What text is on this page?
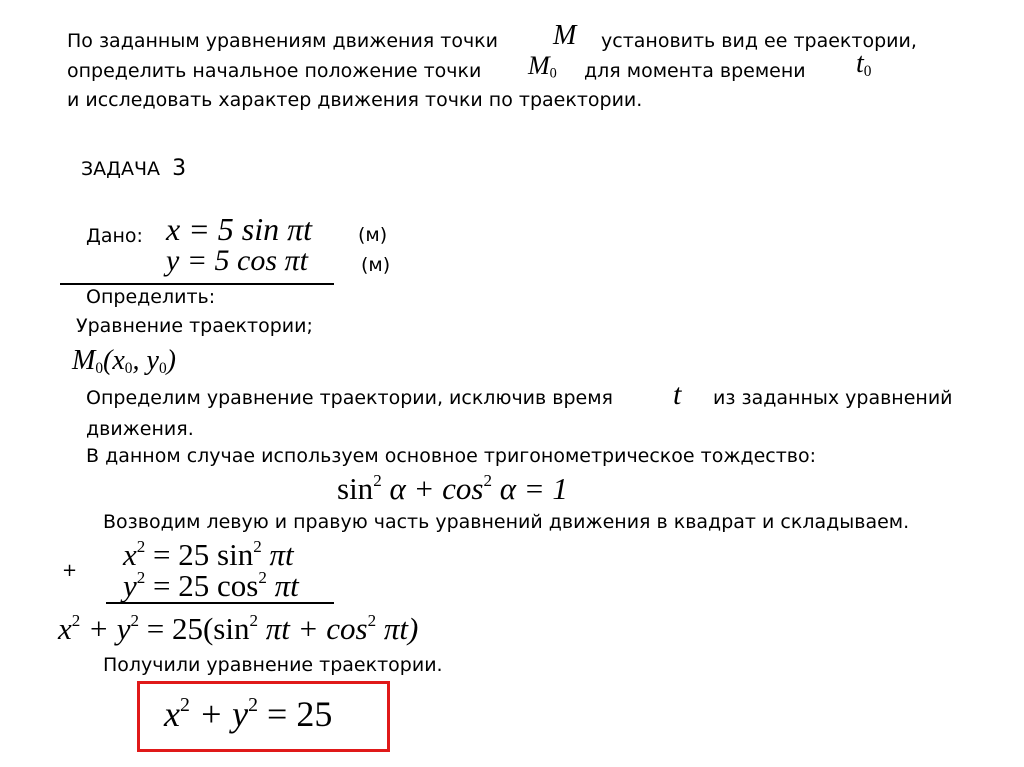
По заданным уравнениям движения точки M установить вид ее траектории,
определить начальное положение точки $M_0$ для момента времени $t_0$
и исследовать характер движения точки по траектории.
ЗАДАЧА 3
Дано: x = 5 sin πt (м)
y = 5 cos πt	(м)
Определить:
Уравнение траектории;
$M_0(x_0$, $y_0$)
Определим уравнение траектории, исключив время t из заданных уравнений
движения.
В данном случае используем основное тригонометрическое тождество:
$\sin^2 \alpha + \cos^2 \alpha = 1$
Возводим левую и правую часть уравнений движения в квадрат и складываем.
+ $x^2 = 25$ $\sin^2 \pi t$
$y^2 = 25$ $\cos^2 \pi t$
$x^2 + y^2 = 25(\sin^2$ $\pi t + \cos^2 \pi t$)
Получили уравнение траектории.
$x^2 + y^2 = 25$
